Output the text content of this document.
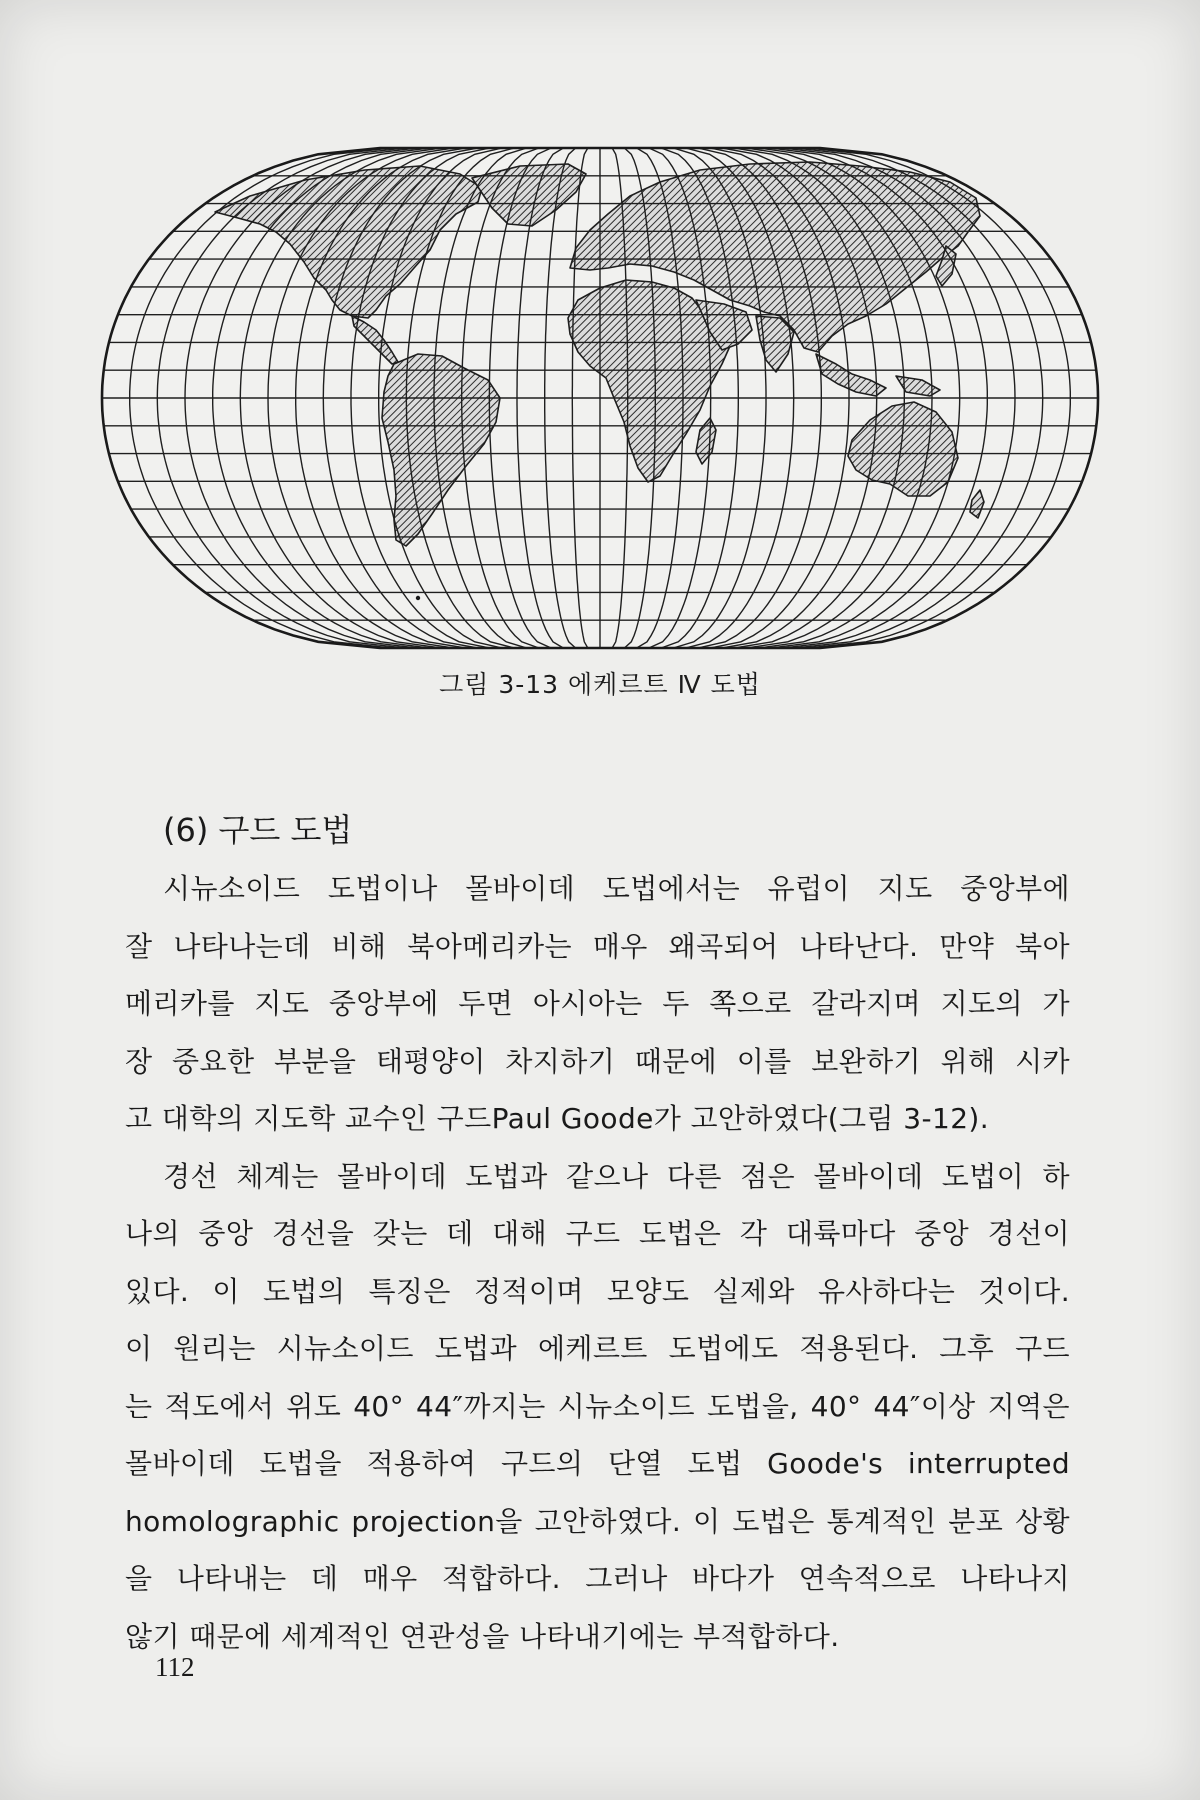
그림 3-13 에케르트 Ⅳ 도법
(6) 구드 도법
시뉴소이드 도법이나 몰바이데 도법에서는 유럽이 지도 중앙부에
잘 나타나는데 비해 북아메리카는 매우 왜곡되어 나타난다. 만약 북아
메리카를 지도 중앙부에 두면 아시아는 두 쪽으로 갈라지며 지도의 가
장 중요한 부분을 태평양이 차지하기 때문에 이를 보완하기 위해 시카
고 대학의 지도학 교수인 구드Paul Goode가 고안하였다(그림 3-12).
경선 체계는 몰바이데 도법과 같으나 다른 점은 몰바이데 도법이 하
나의 중앙 경선을 갖는 데 대해 구드 도법은 각 대륙마다 중앙 경선이
있다. 이 도법의 특징은 정적이며 모양도 실제와 유사하다는 것이다.
이 원리는 시뉴소이드 도법과 에케르트 도법에도 적용된다. 그후 구드
는 적도에서 위도 40° 44″까지는 시뉴소이드 도법을, 40° 44″이상 지역은
몰바이데 도법을 적용하여 구드의 단열 도법 Goode's interrupted
homolographic projection을 고안하였다. 이 도법은 통계적인 분포 상황
을 나타내는 데 매우 적합하다. 그러나 바다가 연속적으로 나타나지
않기 때문에 세계적인 연관성을 나타내기에는 부적합하다.
112
